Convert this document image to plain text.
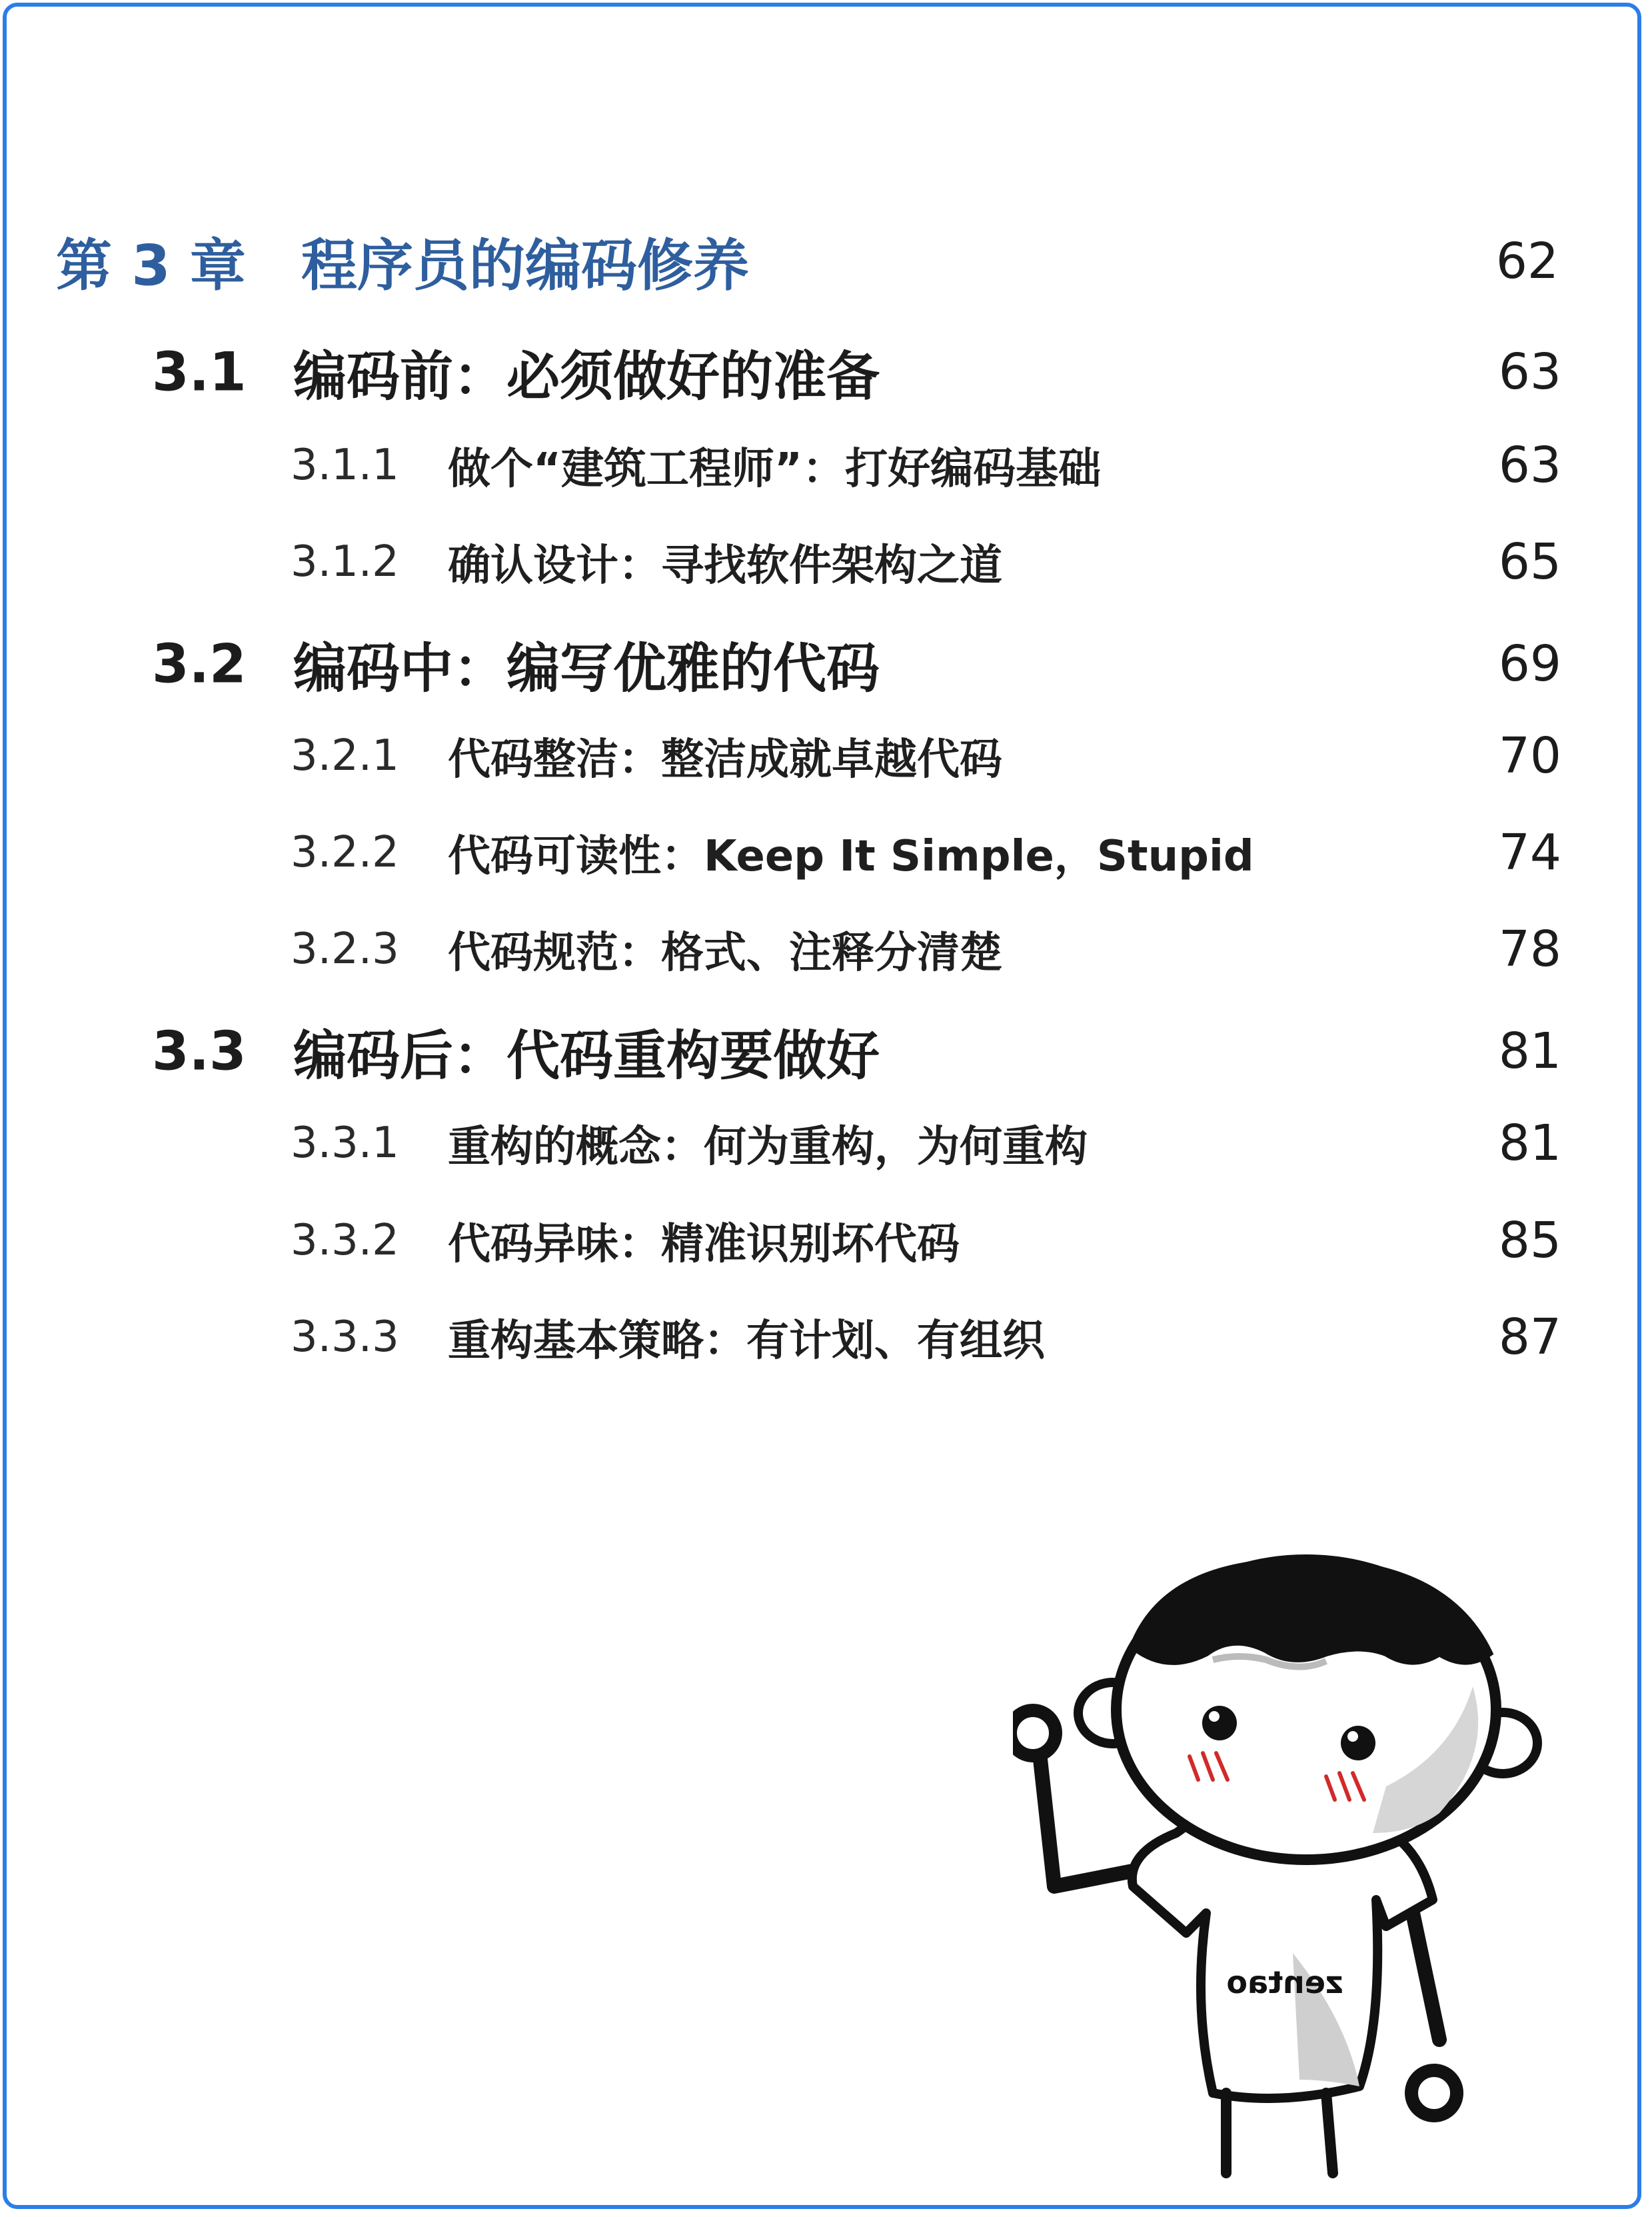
第 3 章 程序员的编码修养	62
3.1 编码前：必须做好的准备	63
3.1.1 做个“建筑工程师”：打好编码基础	63
3.1.2 确认设计：寻找软件架构之道	65
3.2 编码中：编写优雅的代码	69
3.2.1 代码整洁：整洁成就卓越代码	70
3.2.2 代码可读性：Keep It Simple，Stupid	74
3.2.3 代码规范：格式、注释分清楚	78
3.3 编码后：代码重构要做好	81
3.3.1 重构的概念：何为重构，为何重构	81
3.3.2 代码异味：精准识别坏代码	85
3.3.3 重构基本策略：有计划、有组织	87
zentao
